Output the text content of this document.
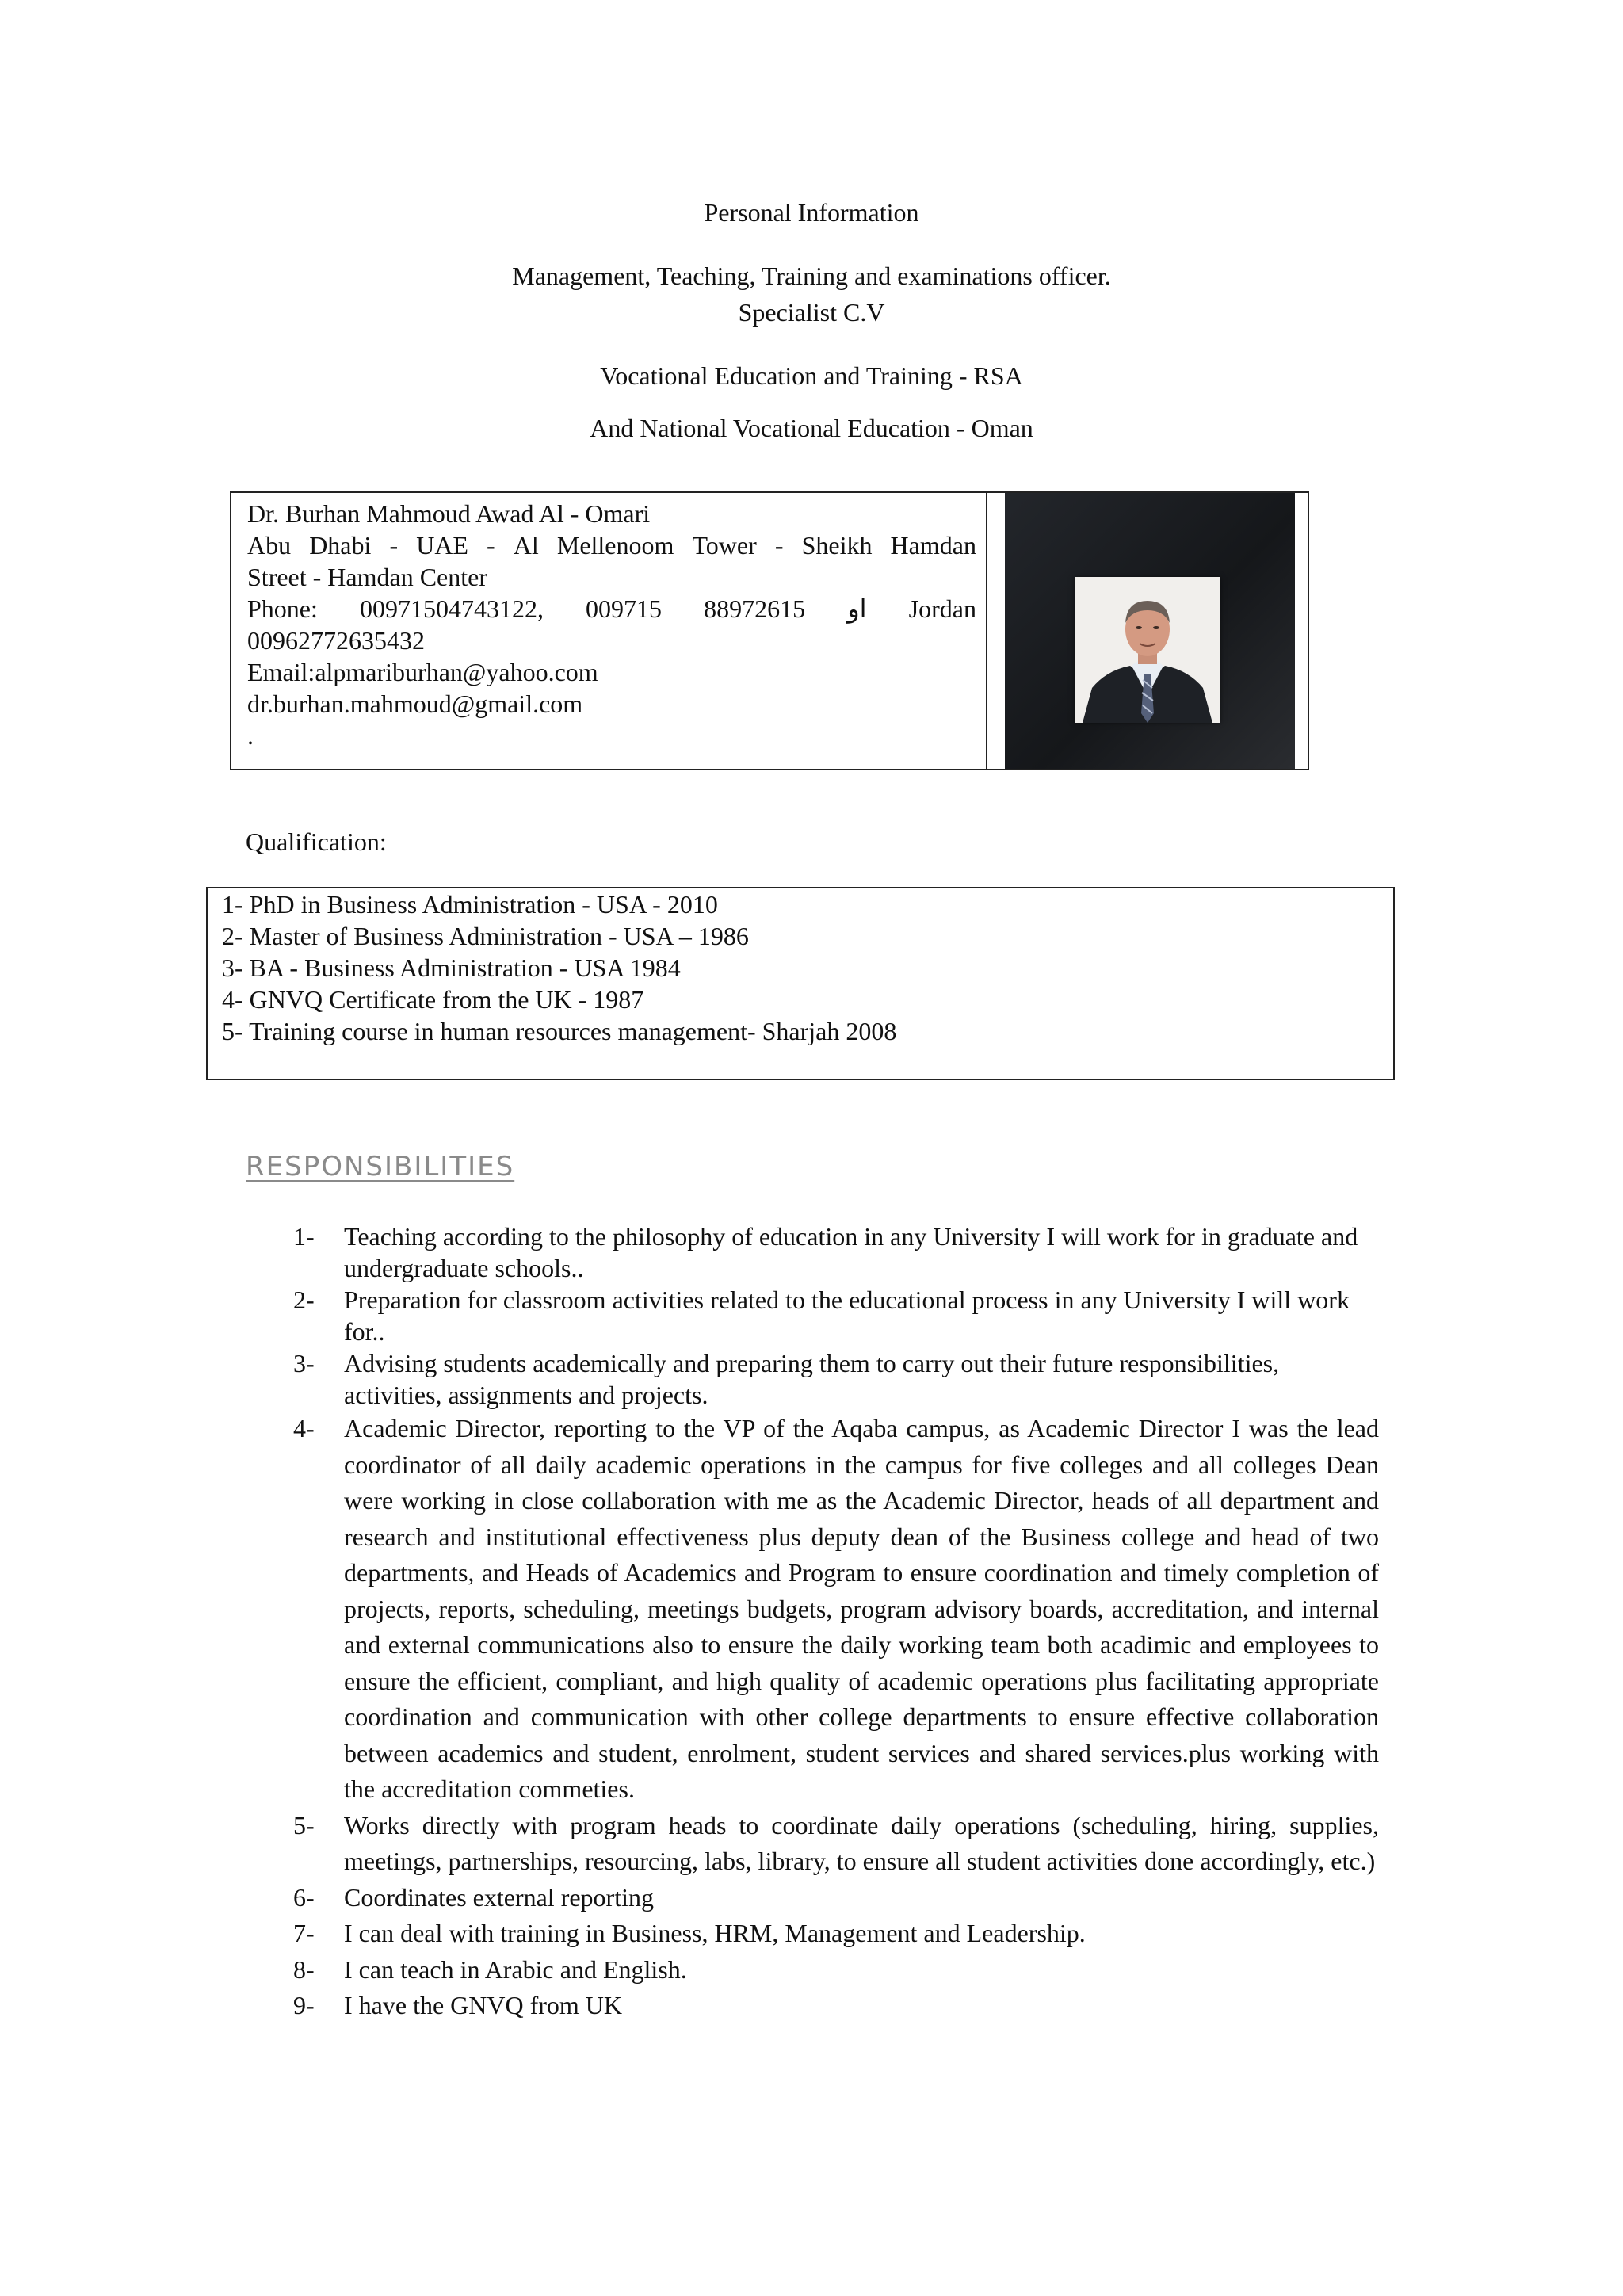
Personal Information
Management, Teaching, Training and examinations officer.
Specialist C.V
Vocational Education and Training - RSA
And National Vocational Education - Oman
Dr. Burhan Mahmoud Awad Al - Omari
Abu Dhabi - UAE - Al Mellenoom Tower - Sheikh Hamdan
Street - Hamdan Center
Phone: 00971504743122, 009715 88972615 او Jordan
00962772635432
Email:alpmariburhan@yahoo.com
dr.burhan.mahmoud@gmail.com
.
Qualification:
1- PhD in Business Administration - USA - 2010
2- Master of Business Administration - USA – 1986
3- BA - Business Administration - USA 1984
4- GNVQ Certificate from the UK - 1987
5- Training course in human resources management- Sharjah 2008
RESPONSIBILITIES
1- Teaching according to the philosophy of education in any University I will work for in graduate and undergraduate schools..
2- Preparation for classroom activities related to the educational process in any University I will work for..
3- Advising students academically and preparing them to carry out their future responsibilities, activities, assignments and projects.
4- Academic Director, reporting to the VP of the Aqaba campus, as Academic Director I was the lead coordinator of all daily academic operations in the campus for five colleges and all colleges Dean were working in close collaboration with me as the Academic Director, heads of all department and research and institutional effectiveness plus deputy dean of the Business college and head of two departments, and Heads of Academics and Program to ensure coordination and timely completion of projects, reports, scheduling, meetings budgets, program advisory boards, accreditation, and internal and external communications also to ensure the daily working team both acadimic and employees to ensure the efficient, compliant, and high quality of academic operations plus facilitating appropriate coordination and communication with other college departments to ensure effective collaboration between academics and student, enrolment, student services and shared services.plus working with the accreditation commeties.
5- Works directly with program heads to coordinate daily operations (scheduling, hiring, supplies, meetings, partnerships, resourcing, labs, library, to ensure all student activities done accordingly, etc.)
6- Coordinates external reporting
7- I can deal with training in Business, HRM, Management and Leadership.
8- I can teach in Arabic and English.
9- I have the GNVQ from UK
